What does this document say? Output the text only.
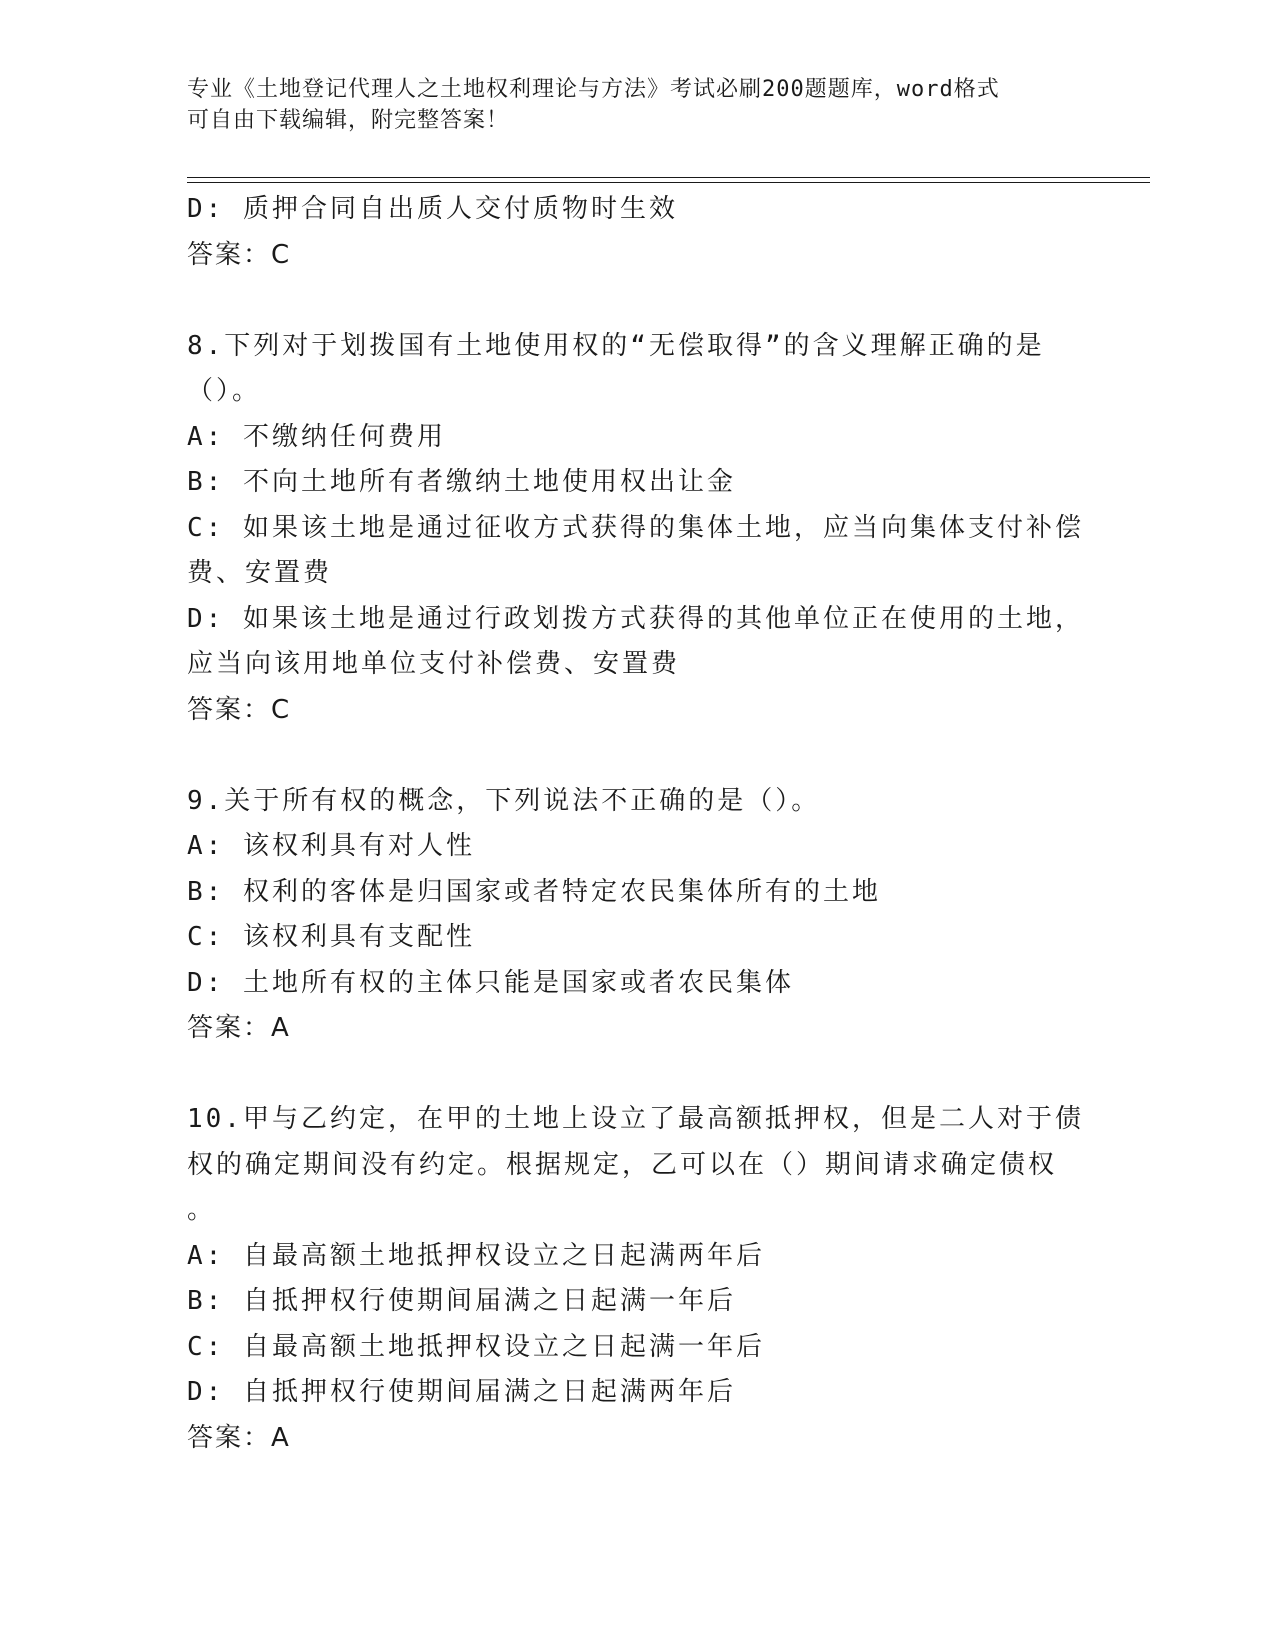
专业《土地登记代理人之土地权利理论与方法》考试必刷200题题库，word格式
可自由下载编辑，附完整答案！
D: 质押合同自出质人交付质物时生效
答案：C
8.下列对于划拨国有土地使用权的“无偿取得”的含义理解正确的是
（）。
A: 不缴纳任何费用
B: 不向土地所有者缴纳土地使用权出让金
C: 如果该土地是通过征收方式获得的集体土地，应当向集体支付补偿
费、安置费
D: 如果该土地是通过行政划拨方式获得的其他单位正在使用的土地，
应当向该用地单位支付补偿费、安置费
答案：C
9.关于所有权的概念，下列说法不正确的是（）。
A: 该权利具有对人性
B: 权利的客体是归国家或者特定农民集体所有的土地
C: 该权利具有支配性
D: 土地所有权的主体只能是国家或者农民集体
答案：A
10.甲与乙约定，在甲的土地上设立了最高额抵押权，但是二人对于债
权的确定期间没有约定。根据规定，乙可以在（）期间请求确定债权
。
A: 自最高额土地抵押权设立之日起满两年后
B: 自抵押权行使期间届满之日起满一年后
C: 自最高额土地抵押权设立之日起满一年后
D: 自抵押权行使期间届满之日起满两年后
答案：A
